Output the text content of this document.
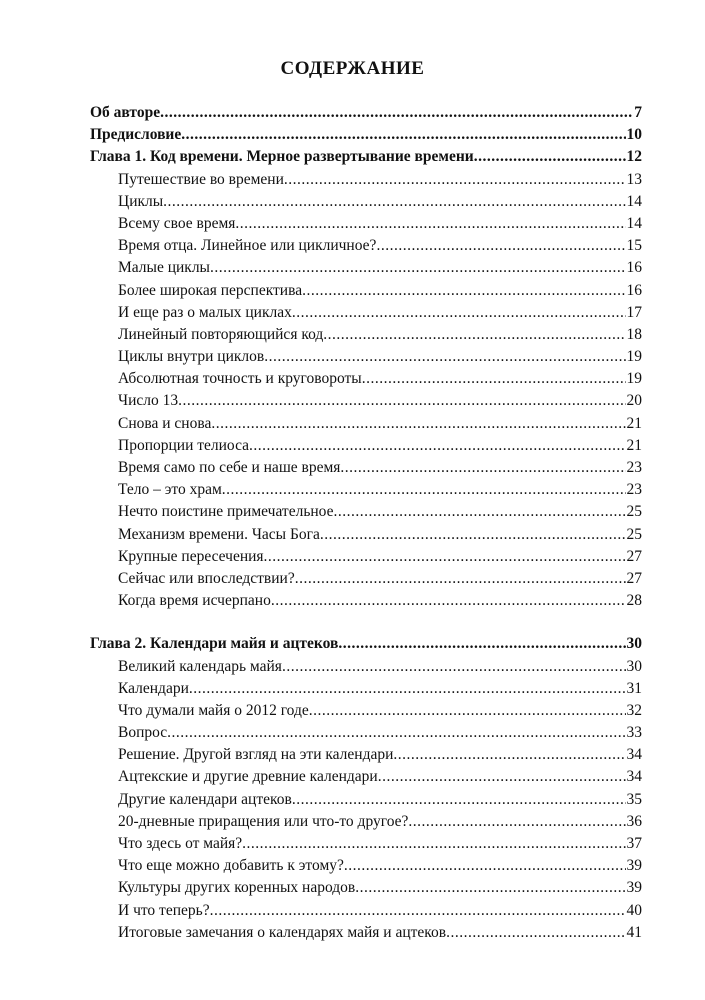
СОДЕРЖАНИЕ
Об авторе .....	7
Предисловие .....	10
Глава 1. Код времени. Мерное развертывание времени .....	12
Путешествие во времени .....	13
Циклы .....	14
Всему свое время .....	14
Время отца. Линейное или цикличное? .....	15
Малые циклы .....	16
Более широкая перспектива .....	16
И еще раз о малых циклах .....	17
Линейный повторяющийся код .....	18
Циклы внутри циклов .....	19
Абсолютная точность и круговороты .....	19
Число 13 .....	20
Снова и снова .....	21
Пропорции телиоса .....	21
Время само по себе и наше время .....	23
Тело – это храм .....	23
Нечто поистине примечательное .....	25
Механизм времени. Часы Бога .....	25
Крупные пересечения .....	27
Сейчас или впоследствии? .....	27
Когда время исчерпано .....	28
Глава 2. Календари майя и ацтеков .....	30
Великий календарь майя .....	30
Календари .....	31
Что думали майя о 2012 годе .....	32
Вопрос .....	33
Решение. Другой взгляд на эти календари .....	34
Ацтекские и другие древние календари .....	34
Другие календари ацтеков .....	35
20-дневные приращения или что-то другое? .....	36
Что здесь от майя? .....	37
Что еще можно добавить к этому? .....	39
Культуры других коренных народов .....	39
И что теперь? .....	40
Итоговые замечания о календарях майя и ацтеков .....	41
